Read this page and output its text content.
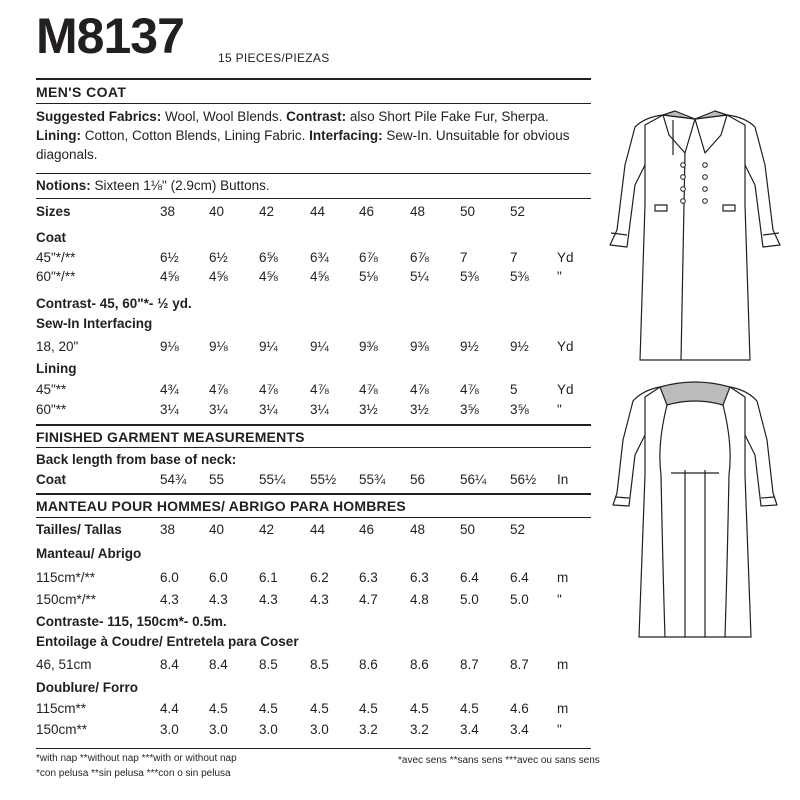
M8137	15 PIECES/PIEZAS
MEN'S COAT
Suggested Fabrics: Wool, Wool Blends. Contrast: also Short Pile Fake Fur, Sherpa.
Lining: Cotton, Cotton Blends, Lining Fabric. Interfacing: Sew-In. Unsuitable for obvious
diagonals.
Notions: Sixteen 1⅛" (2.9cm) Buttons.
Sizes	38	40	42	44	46	48	50	52
Coat
45"*/**	6½ 6½ 6⅝ 6¾ 6⅞ 6⅞ 7	7	Yd
60"*/**	4⅝ 4⅝ 4⅝ 4⅝ 5⅛ 5¼ 5⅜ 5⅜ "
Contrast- 45, 60"*- ½ yd.
Sew-In Interfacing
18, 20"	9⅛ 9⅛ 9¼ 9¼ 9⅜ 9⅜ 9½ 9½ Yd
Lining
45"**	4¾ 4⅞ 4⅞ 4⅞ 4⅞ 4⅞ 4⅞ 5	Yd
60"**	3¼ 3¼ 3¼ 3¼ 3½ 3½ 3⅝ 3⅝ "
Coat	54¾ 55	55¼ 55½ 55¾ 56	56¼ 56½ In
Tailles/ Tallas	38	40	42	44	46	48	50	52
Manteau/ Abrigo
115cm*/**	6.0 6.0 6.1 6.2 6.3 6.3 6.4 6.4 m
150cm*/**	4.3 4.3 4.3 4.3 4.7 4.8 5.0 5.0 "
Contraste- 115, 150cm*- 0.5m.
Entoilage à Coudre/ Entretela para Coser
46, 51cm	8.4 8.4 8.5 8.5 8.6 8.6 8.7 8.7 m
Doublure/ Forro
115cm**	4.4 4.5 4.5 4.5 4.5 4.5 4.5 4.6 m
150cm**	3.0 3.0 3.0 3.0 3.2 3.2 3.4 3.4 "
FINISHED GARMENT MEASUREMENTS
Back length from base of neck:
MANTEAU POUR HOMMES/ ABRIGO PARA HOMBRES
*with nap **without nap ***with or without nap
*con pelusa **sin pelusa ***con o sin pelusa
*avec sens **sans sens ***avec ou sans sens
